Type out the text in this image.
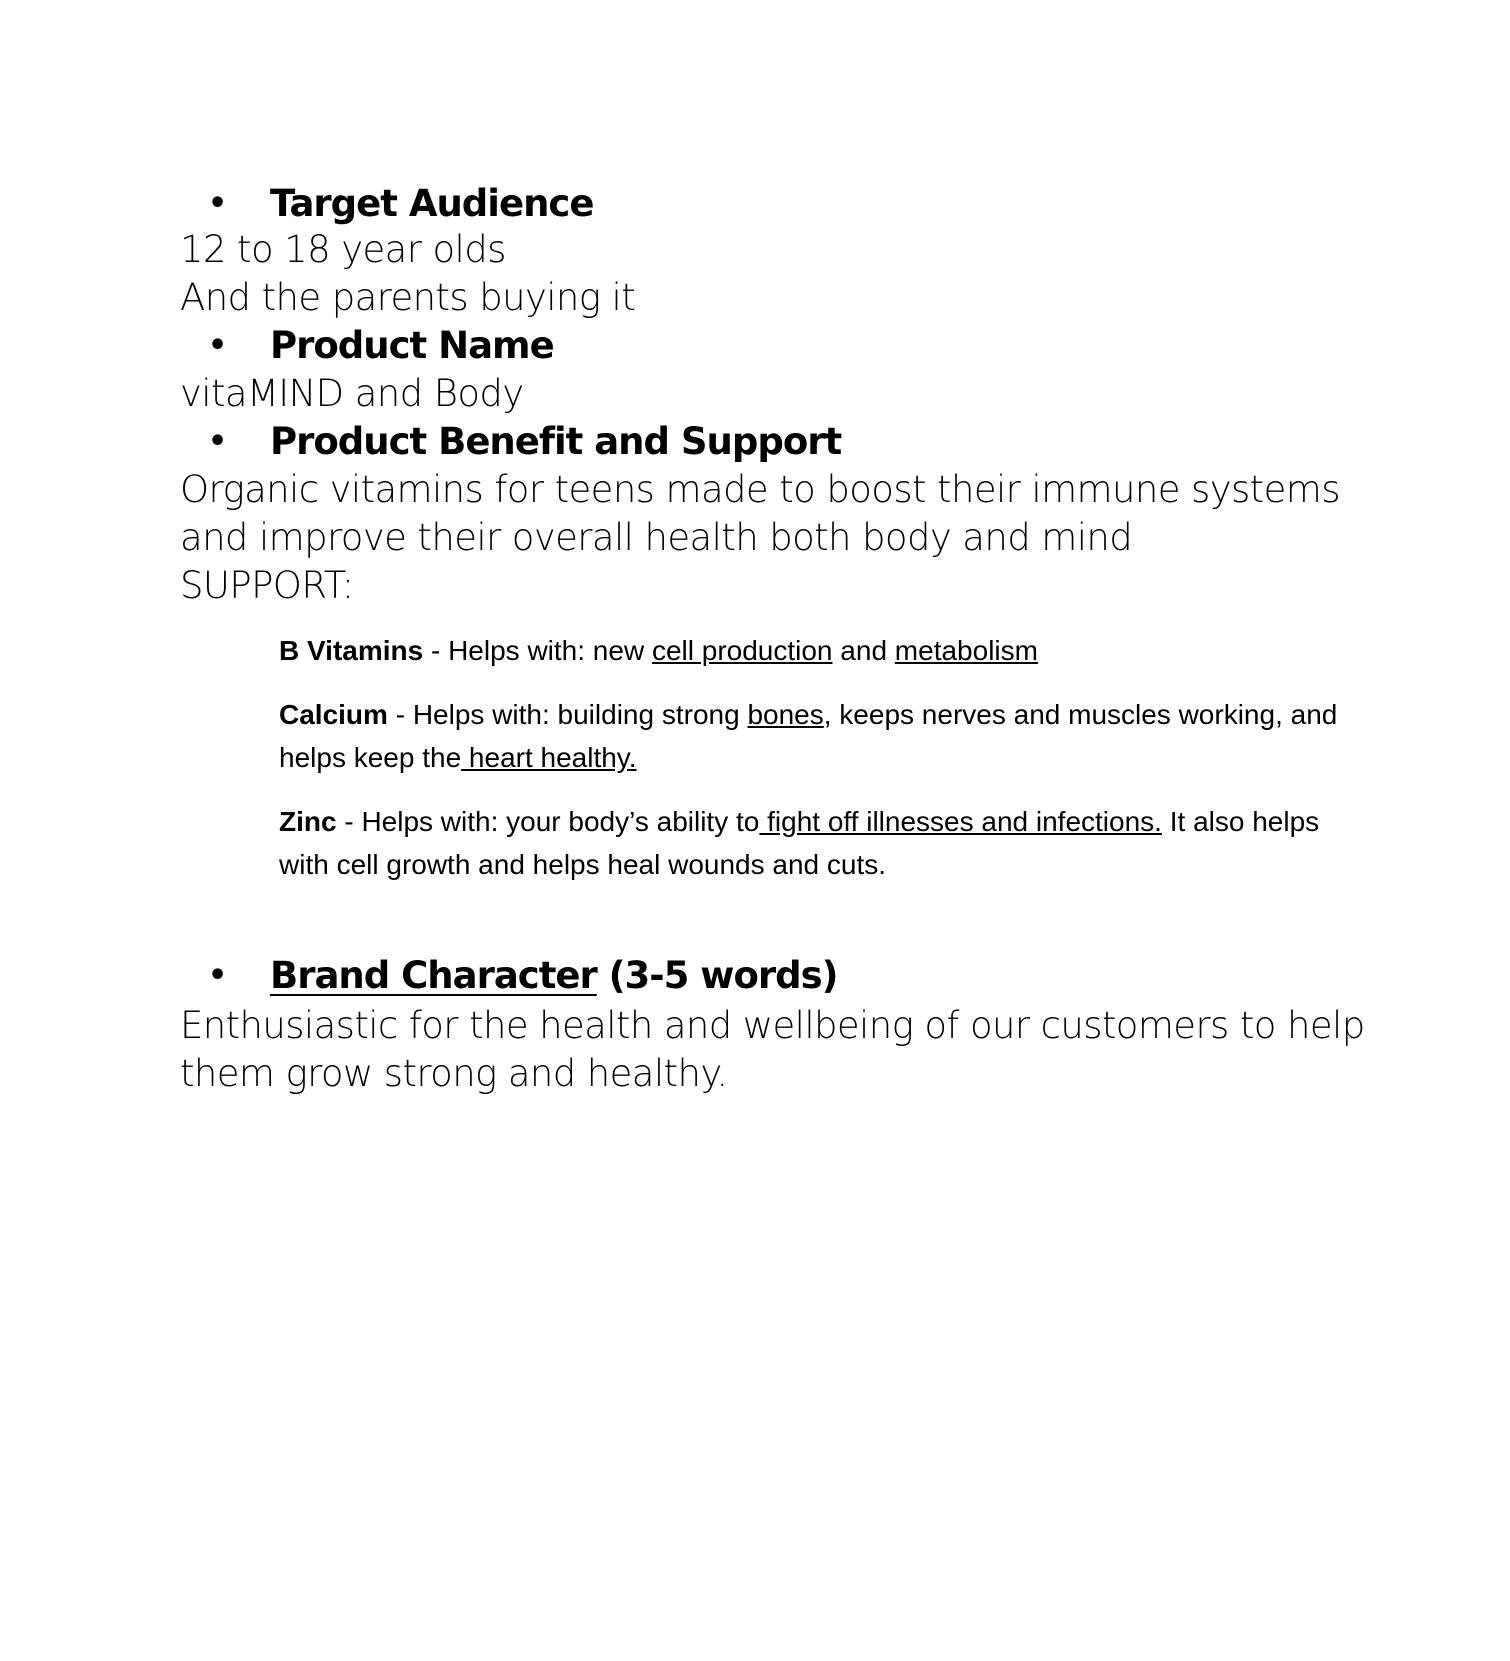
• Target Audience
12 to 18 year olds
And the parents buying it
• Product Name
vitaMIND and Body
• Product Benefit and Support
Organic vitamins for teens made to boost their immune systems
and improve their overall health both body and mind
SUPPORT:
B Vitamins - Helps with: new cell production and metabolism
Calcium - Helps with: building strong bones, keeps nerves and muscles working, and helps keep the heart healthy.
Zinc - Helps with: your body’s ability to fight off illnesses and infections. It also helps with cell growth and helps heal wounds and cuts.
• Brand Character (3-5 words)
Enthusiastic for the health and wellbeing of our customers to help
them grow strong and healthy.
